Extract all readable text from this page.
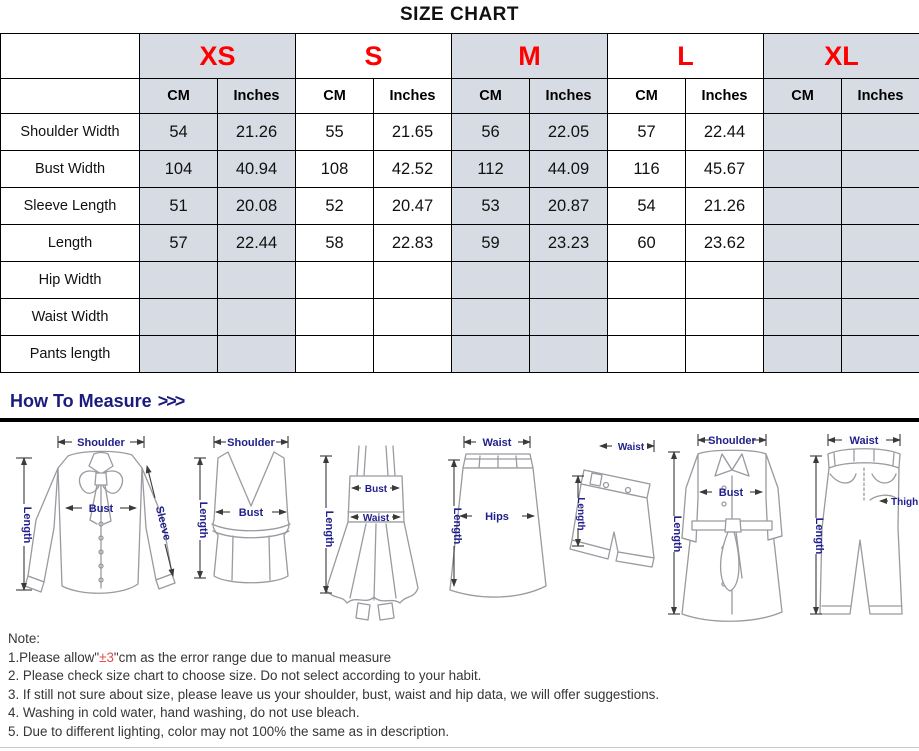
SIZE CHART
	XS		S		M		L		XL	
	CM	Inches	CM	Inches	CM	Inches	CM	Inches	CM	Inches
Shoulder Width	54	21.26	55	21.65	56	22.05	57	22.44		
Bust Width	104	40.94	108	42.52	112	44.09	116	45.67		
Sleeve Length	51	20.08	52	20.47	53	20.87	54	21.26		
Length	57	22.44	58	22.83	59	23.23	60	23.62		
Hip Width										
Waist Width										
Pants length										
How To Measure >>>
Shoulder
Length	Bust	Sleeve
Shoulder
Length	Bust	Length
Bust
Waist
Waist
Length Hips
Waist
Length
Shoulder
Length
Bust
Waist
Length
Thigh
Note:
1.Please allow"±3"cm as the error range due to manual measure
2. Please check size chart to choose size. Do not select according to your habit.
3. If still not sure about size, please leave us your shoulder, bust, waist and hip data, we will offer suggestions.
4. Washing in cold water, hand washing, do not use bleach.
5. Due to different lighting, color may not 100% the same as in description.
